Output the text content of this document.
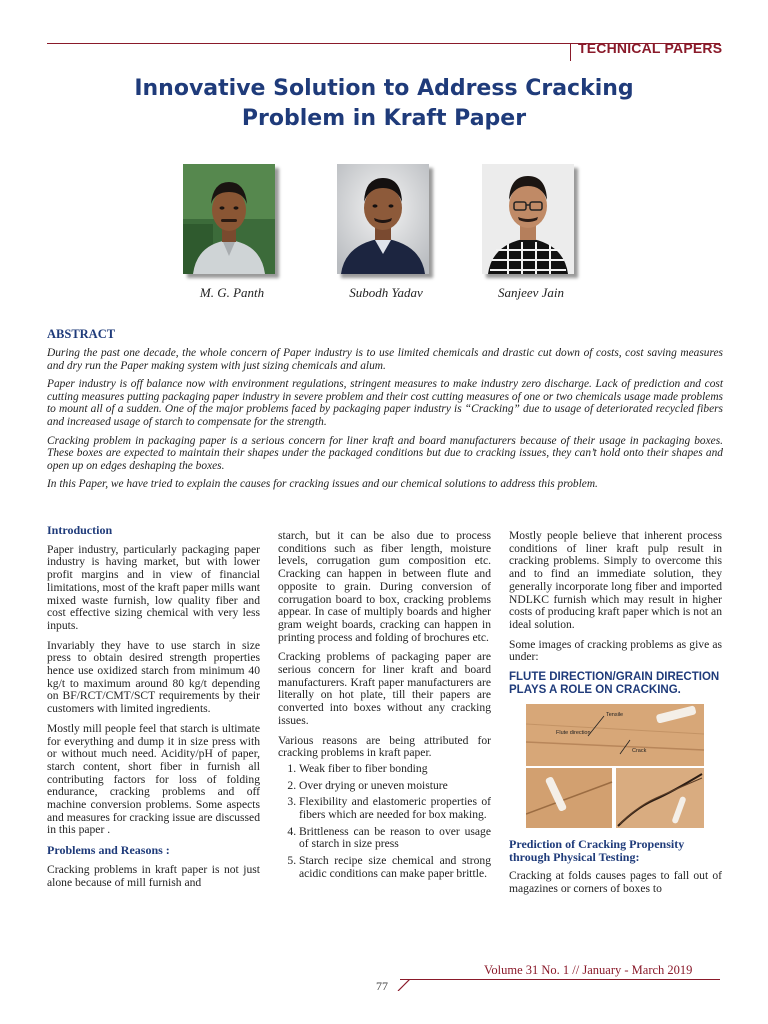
TECHNICAL PAPERS
Innovative Solution to Address Cracking
Problem in Kraft Paper
M. G. Panth	Subodh Yadav	Sanjeev Jain
ABSTRACT

During the past one decade, the whole concern of Paper industry is to use limited chemicals and drastic cut down of costs, cost saving measures and dry run the Paper making system with just sizing chemicals and alum.

Paper industry is off balance now with environment regulations, stringent measures to make industry zero discharge. Lack of prediction and cost cutting measures putting packaging paper industry in severe problem and their cost cutting measures of one or two chemicals usage made problems to mount all of a sudden. One of the major problems faced by packaging paper industry is “Cracking” due to usage of deteriorated recycled fibers and increased usage of starch to compensate for the strength.

Cracking problem in packaging paper is a serious concern for liner kraft and board manufacturers because of their usage in packaging boxes. These boxes are expected to maintain their shapes under the packaged conditions but due to cracking issues, they can’t hold onto their shapes and open up on edges deshaping the boxes.

In this Paper, we have tried to explain the causes for cracking issues and our chemical solutions to address this problem.

Introduction

Paper industry, particularly packaging paper industry is having market, but with lower profit margins and in view of financial limitations, most of the kraft paper mills want mixed waste furnish, low quality fiber and cost effective sizing chemical with very less inputs.

Invariably they have to use starch in size press to obtain desired strength properties hence use oxidized starch from minimum 40 kg/t to maximum around 80 kg/t depending on BF/RCT/CMT/SCT requirements by their customers with limited ingredients.

Mostly mill people feel that starch is ultimate for everything and dump it in size press with or without much need. Acidity/pH of paper, starch content, short fiber in furnish all contributing factors for loss of folding endurance, cracking problems and off machine conversion problems. Some aspects and measures for cracking issue are discussed in this paper .

Problems and Reasons :

Cracking problems in kraft paper is not just alone because of mill furnish and

starch, but it can be also due to process conditions such as fiber length, moisture levels, corrugation gum composition etc. Cracking can happen in between flute and opposite to grain. During conversion of corrugation board to box, cracking problems appear. In case of multiply boards and higher gram weight boards, cracking can happen in printing process and folding of brochures etc.

Cracking problems of packaging paper are serious concern for liner kraft and board manufacturers. Kraft paper manufacturers are literally on hot plate, till their papers are converted into boxes without any cracking issues.

Various reasons are being attributed for cracking problems in kraft paper.

1. Weak fiber to fiber bonding
2. Over drying or uneven moisture
3. Flexibility and elastomeric properties of fibers which are needed for box making.
4. Brittleness can be reason to over usage of starch in size press
5. Starch recipe size chemical and strong acidic conditions can make paper brittle.

Mostly people believe that inherent process conditions of liner kraft pulp result in cracking problems. Simply to overcome this and to find an immediate solution, they generally incorporate long fiber and imported NDLKC furnish which may result in higher costs of producing kraft paper which is not an ideal solution.

Some images of cracking problems as give as under:

FLUTE DIRECTION/GRAIN DIRECTION PLAYS A ROLE ON CRACKING.
Tensile
Flute direction
Crack
Prediction of Cracking Propensity through Physical Testing:

Cracking at folds causes pages to fall out of magazines or corners of boxes to

Volume 31 No. 1 // January - March 2019
77
